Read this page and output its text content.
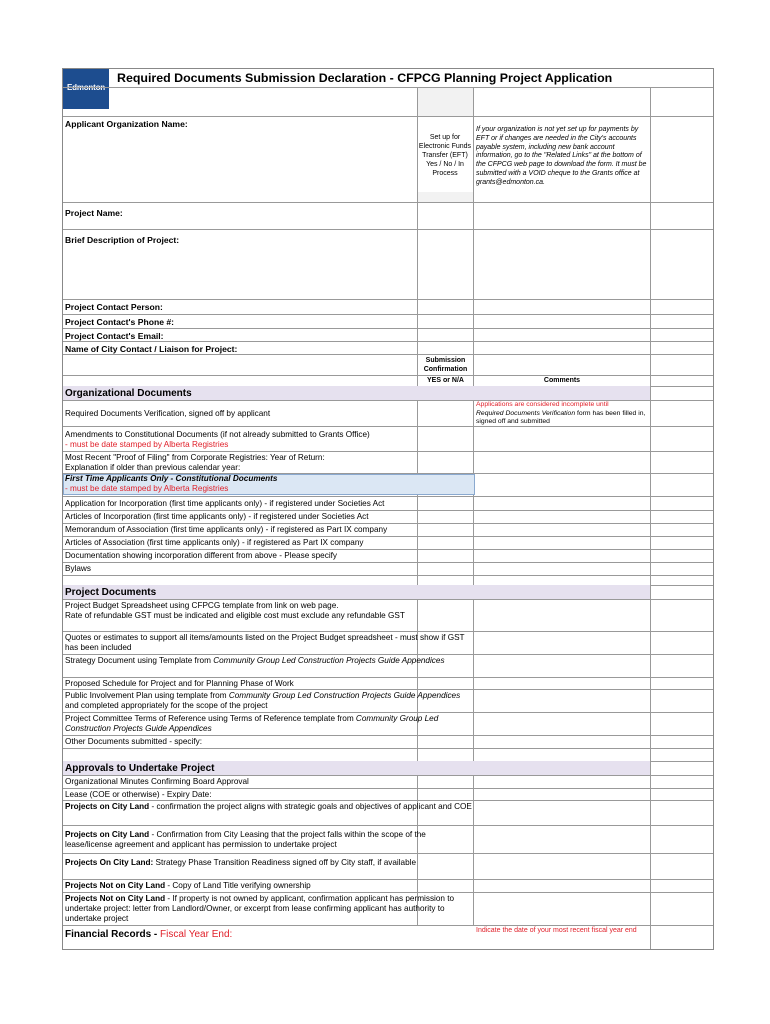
Edmonton
Required Documents Submission Declaration - CFPCG Planning Project Application
Applicant Organization Name:
Set up for Electronic Funds Transfer (EFT) Yes / No / In Process
If your organization is not yet set up for payments by EFT or if changes are needed in the City's accounts payable system, including new bank account information, go to the "Related Links" at the bottom of the CFPCG web page to download the form. It must be submitted with a VOID cheque to the Grants office at grants@edmonton.ca.
Project Name:
Brief Description of Project:
Project Contact Person:
Project Contact's Phone #:
Project Contact's Email:
Name of City Contact / Liaison for Project:
Submission Confirmation
YES or N/A	Comments
Organizational Documents
Required Documents Verification, signed off by applicant
Applications are considered incomplete until
Required Documents Verification form has been filled in, signed off and submitted
Amendments to Constitutional Documents (if not already submitted to Grants Office)
- must be date stamped by Alberta Registries
Most Recent "Proof of Filing" from Corporate Registries: Year of Return:
Explanation if older than previous calendar year:
First Time Applicants Only - Constitutional Documents
- must be date stamped by Alberta Registries
Application for Incorporation (first time applicants only) - if registered under Societies Act
Articles of Incorporation (first time applicants only) - if registered under Societies Act
Memorandum of Association (first time applicants only) - if registered as Part IX company
Articles of Association (first time applicants only) - if registered as Part IX company
Documentation showing incorporation different from above - Please specify
Bylaws
Project Documents
Project Budget Spreadsheet using CFPCG template from link on web page.
Rate of refundable GST must be indicated and eligible cost must exclude any refundable GST
Quotes or estimates to support all items/amounts listed on the Project Budget spreadsheet - must show if GST has been included
Strategy Document using Template from Community Group Led Construction Projects Guide Appendices
Proposed Schedule for Project and for Planning Phase of Work
Public Involvement Plan using template from Community Group Led Construction Projects Guide Appendices and completed appropriately for the scope of the project
Project Committee Terms of Reference using Terms of Reference template from Community Group Led Construction Projects Guide Appendices
Other Documents submitted - specify:
Approvals to Undertake Project
Organizational Minutes Confirming Board Approval
Lease (COE or otherwise) - Expiry Date:
Projects on City Land - confirmation the project aligns with strategic goals and objectives of applicant and COE
Projects on City Land - Confirmation from City Leasing that the project falls within the scope of the lease/license agreement and applicant has permission to undertake project
Projects On City Land: Strategy Phase Transition Readiness signed off by City staff, if available
Projects Not on City Land - Copy of Land Title verifying ownership
Projects Not on City Land - If property is not owned by applicant, confirmation applicant has permission to undertake project: letter from Landlord/Owner, or excerpt from lease confirming applicant has authority to undertake project
Financial Records - Fiscal Year End:	Indicate the date of your most recent fiscal year end
